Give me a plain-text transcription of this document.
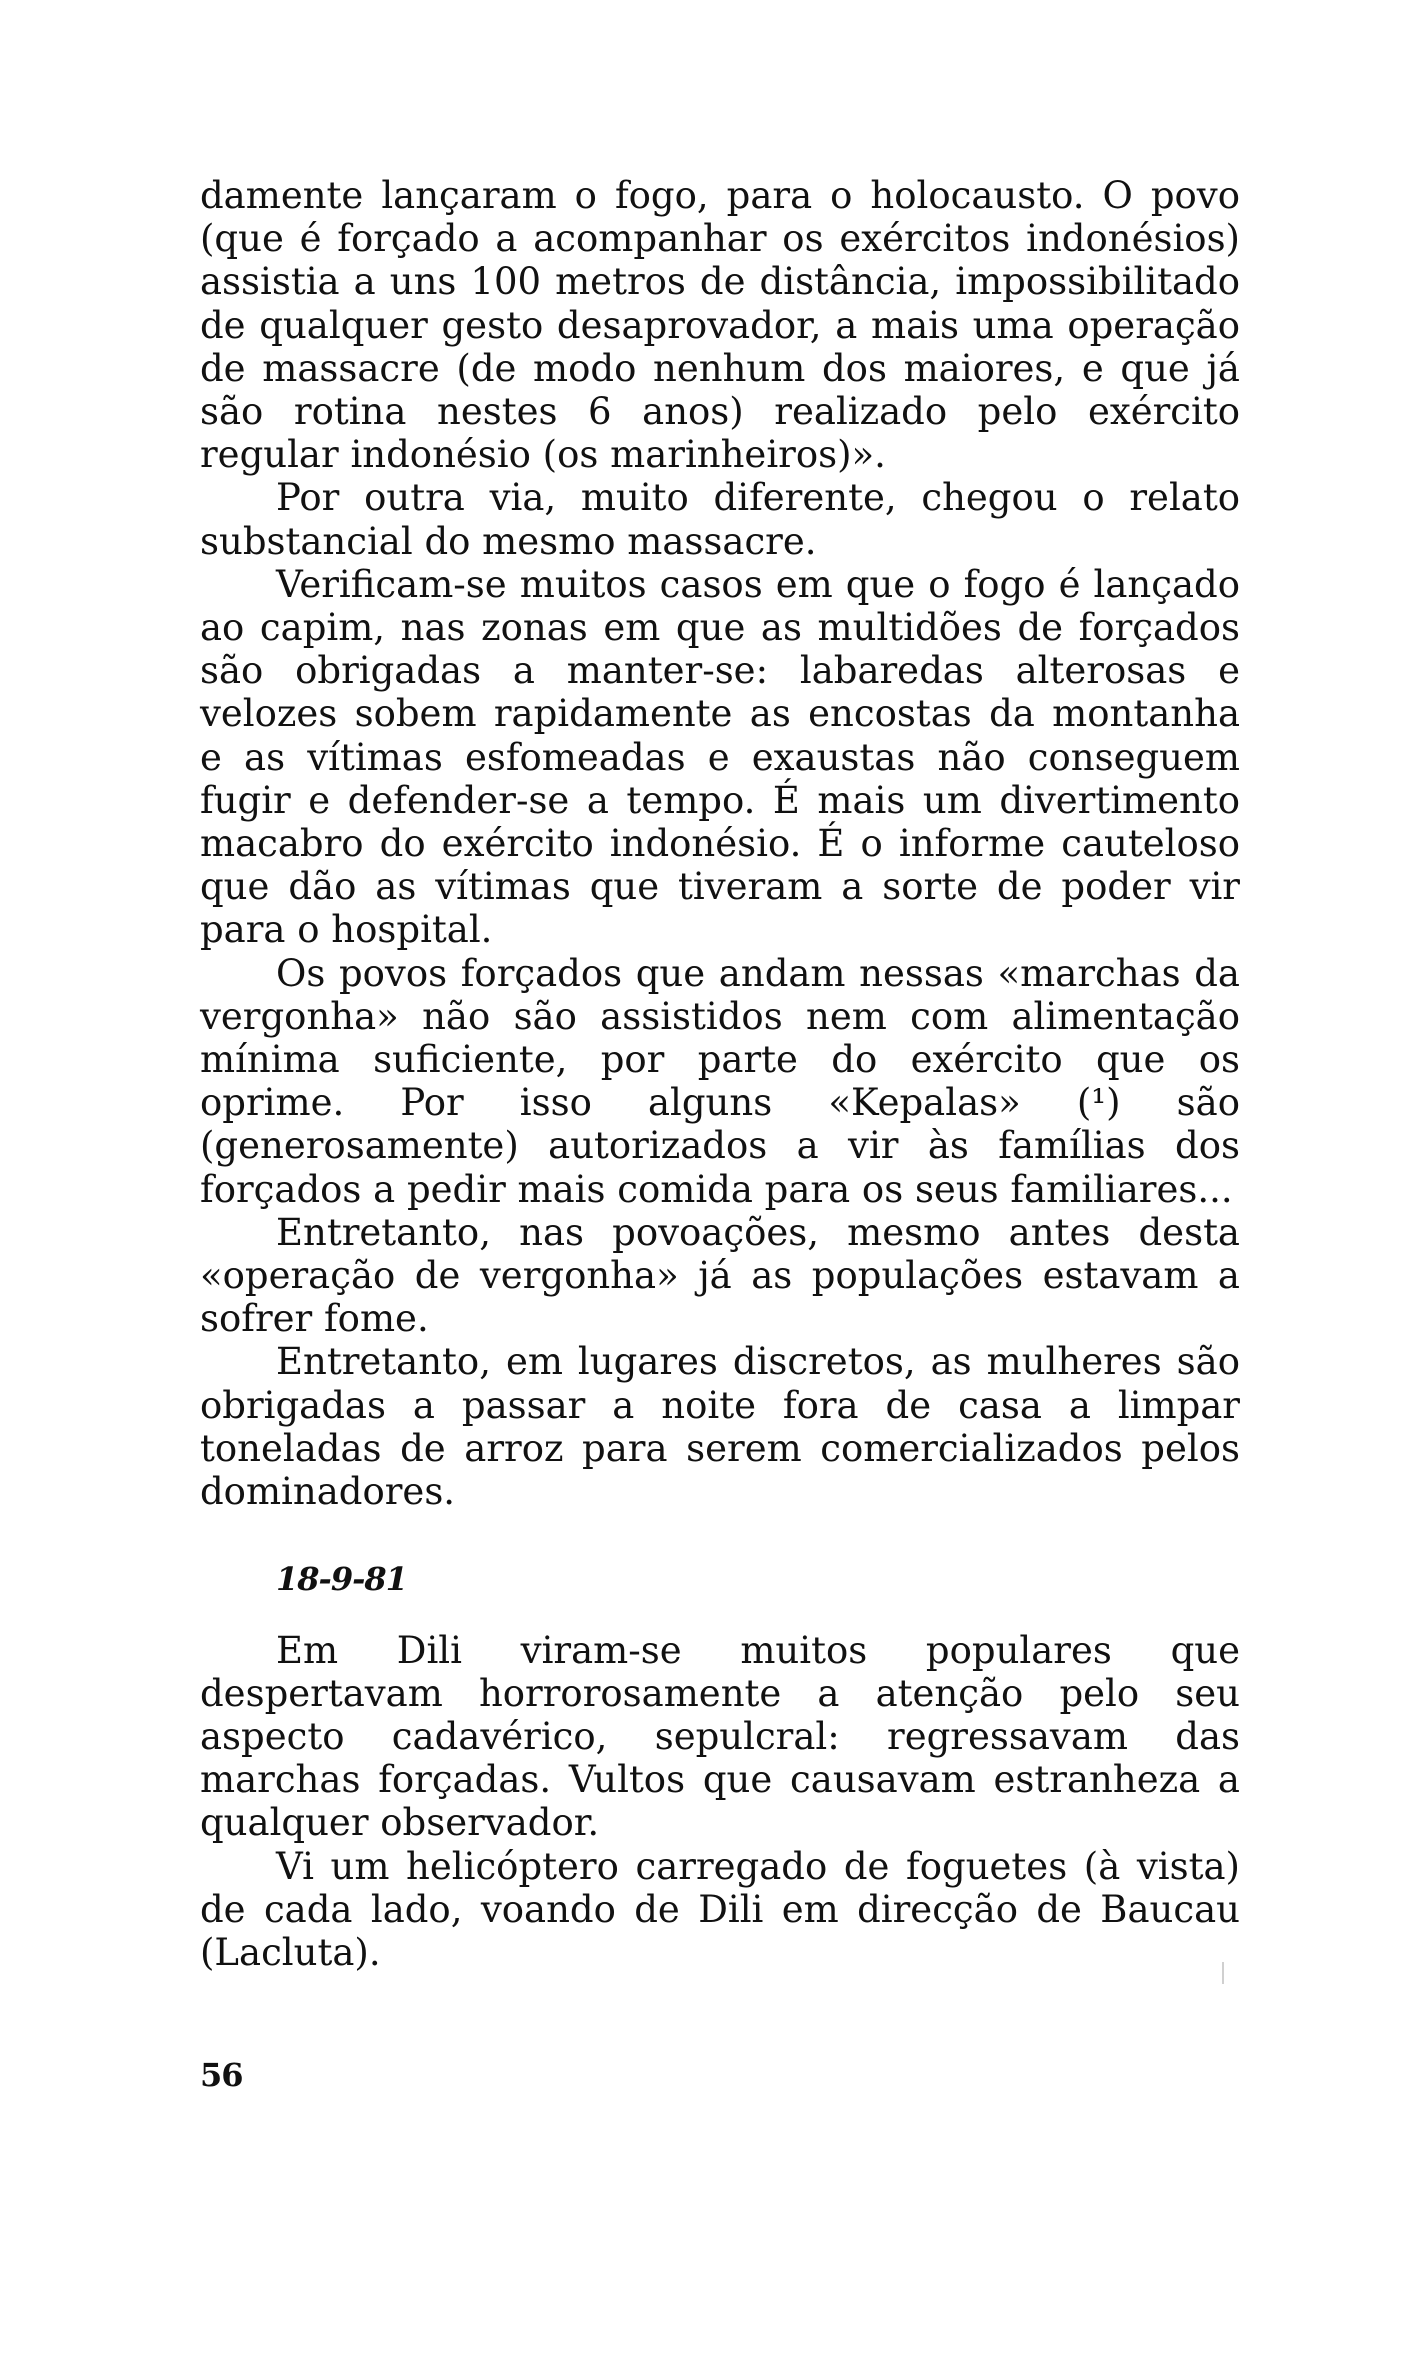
damente lançaram o fogo, para o holocausto. O povo (que é forçado a acompanhar os exércitos indonésios) assistia a uns 100 metros de distância, impossibilitado de qualquer gesto desaprovador, a mais uma operação de massacre (de modo nenhum dos maiores, e que já são rotina nestes 6 anos) realizado pelo exército regular indonésio (os marinheiros)».

Por outra via, muito diferente, chegou o relato substancial do mesmo massacre.

Verificam-se muitos casos em que o fogo é lançado ao capim, nas zonas em que as multidões de forçados são obrigadas a manter-se: labaredas alterosas e velozes sobem rapidamente as encostas da montanha e as vítimas esfomeadas e exaustas não conseguem fugir e defender-se a tempo. É mais um divertimento macabro do exército indonésio. É o informe cauteloso que dão as vítimas que tiveram a sorte de poder vir para o hospital.

Os povos forçados que andam nessas «marchas da vergonha» não são assistidos nem com alimentação mínima suficiente, por parte do exército que os oprime. Por isso alguns «Kepalas» (¹) são (generosamente) autorizados a vir às famílias dos forçados a pedir mais comida para os seus familiares...

Entretanto, nas povoações, mesmo antes desta «operação de vergonha» já as populações estavam a sofrer fome.

Entretanto, em lugares discretos, as mulheres são obrigadas a passar a noite fora de casa a limpar toneladas de arroz para serem comercializados pelos dominadores.

18-9-81

Em Dili viram-se muitos populares que despertavam horrorosamente a atenção pelo seu aspecto cadavérico, sepulcral: regressavam das marchas forçadas. Vultos que causavam estranheza a qualquer observador.

Vi um helicóptero carregado de foguetes (à vista) de cada lado, voando de Dili em direcção de Baucau (Lacluta).

56
